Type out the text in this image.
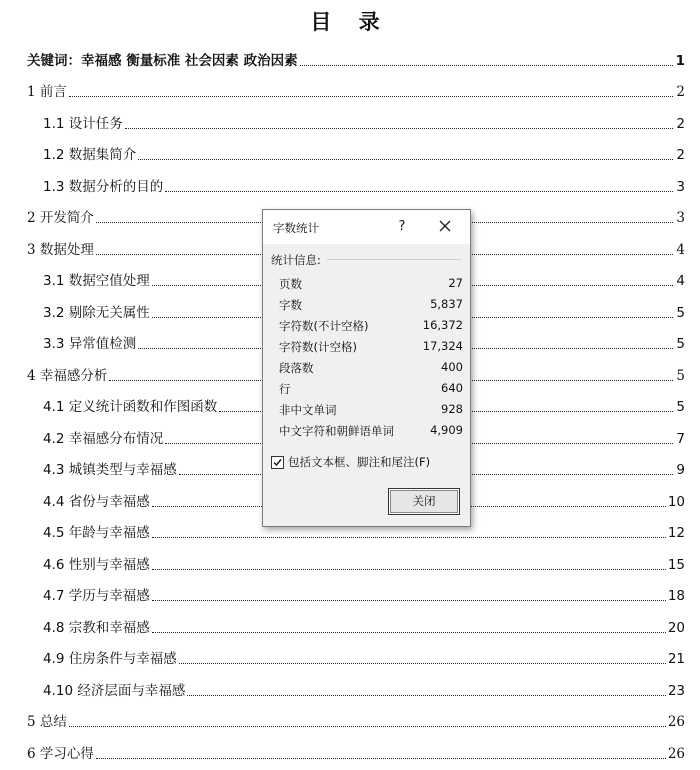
目 录
关键词：幸福感 衡量标准 社会因素 政治因素	1
1 前言	2
1.1 设计任务	2
1.2 数据集简介	2
1.3 数据分析的目的	3
2 开发简介	3
3 数据处理	4
3.1 数据空值处理	4
3.2 剔除无关属性	5
3.3 异常值检测	5
4 幸福感分析	5
4.1 定义统计函数和作图函数	5
4.2 幸福感分布情况	7
4.3 城镇类型与幸福感	9
4.4 省份与幸福感	10
4.5 年龄与幸福感	12
4.6 性别与幸福感	15
4.7 学历与幸福感	18
4.8 宗教和幸福感	20
4.9 住房条件与幸福感	21
4.10 经济层面与幸福感	23
5 总结	26
6 学习心得	26
字数统计	?
统计信息:
页数	27
字数	5,837
字符数(不计空格)	16,372
字符数(计空格)	17,324
段落数	400
行	640
非中文单词	928
中文字符和朝鲜语单词	4,909
包括文本框、脚注和尾注(F)
关闭
